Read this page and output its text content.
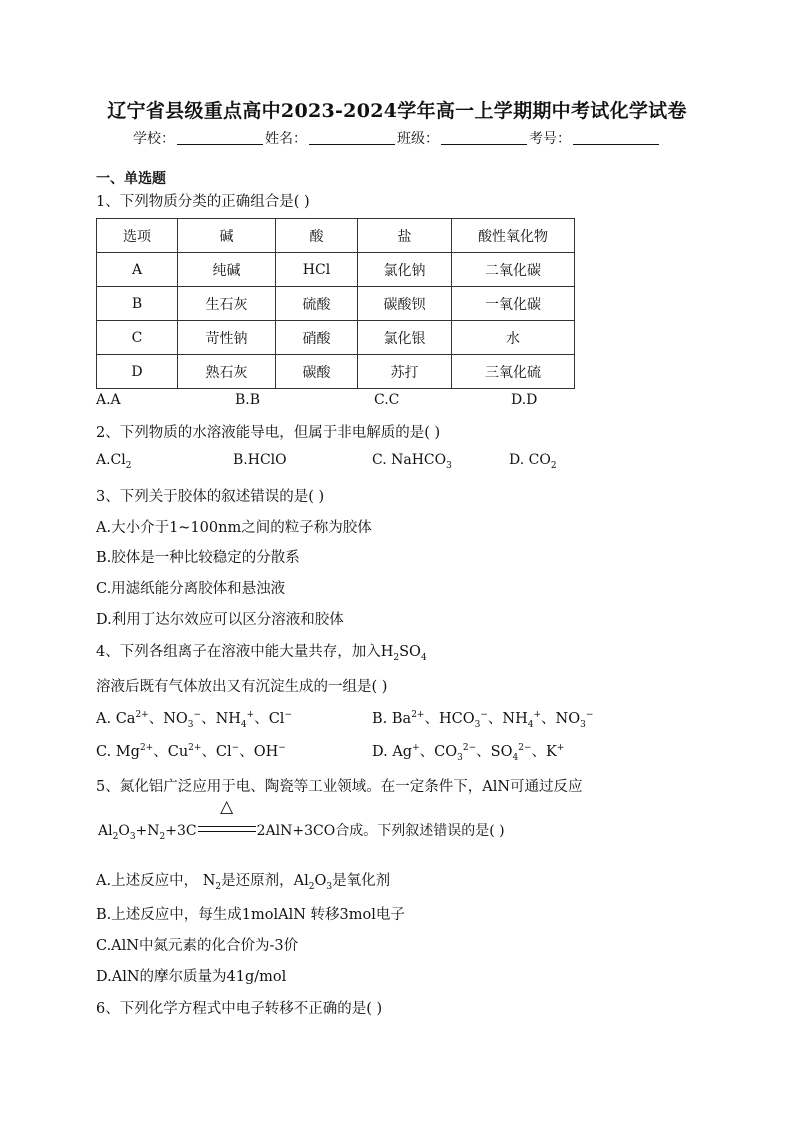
辽宁省县级重点高中2023-2024学年高一上学期期中考试化学试卷
学校：	姓名：	班级：	考号：
一、单选题
1、下列物质分类的正确组合是( )
选项	碱	酸	盐	酸性氧化物
A	纯碱	HCl	氯化钠	二氧化碳
B	生石灰	硫酸	碳酸钡	一氧化碳
C	苛性钠	硝酸	氯化银	水
D	熟石灰	碳酸	苏打	三氧化硫
A.A	B.B	C.C	D.D
2、下列物质的水溶液能导电，但属于非电解质的是( )
$A.Cl_2$	B.HClO	C. NaHCO$_3$	D. $CO_2$
3、下列关于胶体的叙述错误的是( )
A.大小介于1~100nm之间的粒子称为胶体
B.胶体是一种比较稳定的分散系
C.用滤纸能分离胶体和悬浊液
D.利用丁达尔效应可以区分溶液和胶体
4、下列各组离子在溶液中能大量共存，加入$H_2SO_4$
溶液后既有气体放出又有沉淀生成的一组是( )
A. $Ca^{2+}$、$NO_3^-$、$NH_4^+$、Cl−	B. $Ba^{2+}$、$HCO_3^-$、$NH_4^+$、$NO_3^-$
C. $Mg^{2+}$、$Cu^{2+}$、Cl−、OH−	D. Ag+、$CO_3^{2-}$、$SO_4^{2-}$、K+
5、氮化铝广泛应用于电、陶瓷等工业领域。在一定条件下，AlN可通过反应
$Al_2O_3+N_2+3C$
△
2AlN+3CO合成。下列叙述错误的是( )
A.上述反应中， $N_2$是还原剂，$Al_2O_3$是氧化剂
B.上述反应中，每生成1molAlN 转移3mol电子
C.AlN中氮元素的化合价为-3价
D.AlN的摩尔质量为41g/mol
6、下列化学方程式中电子转移不正确的是( )
